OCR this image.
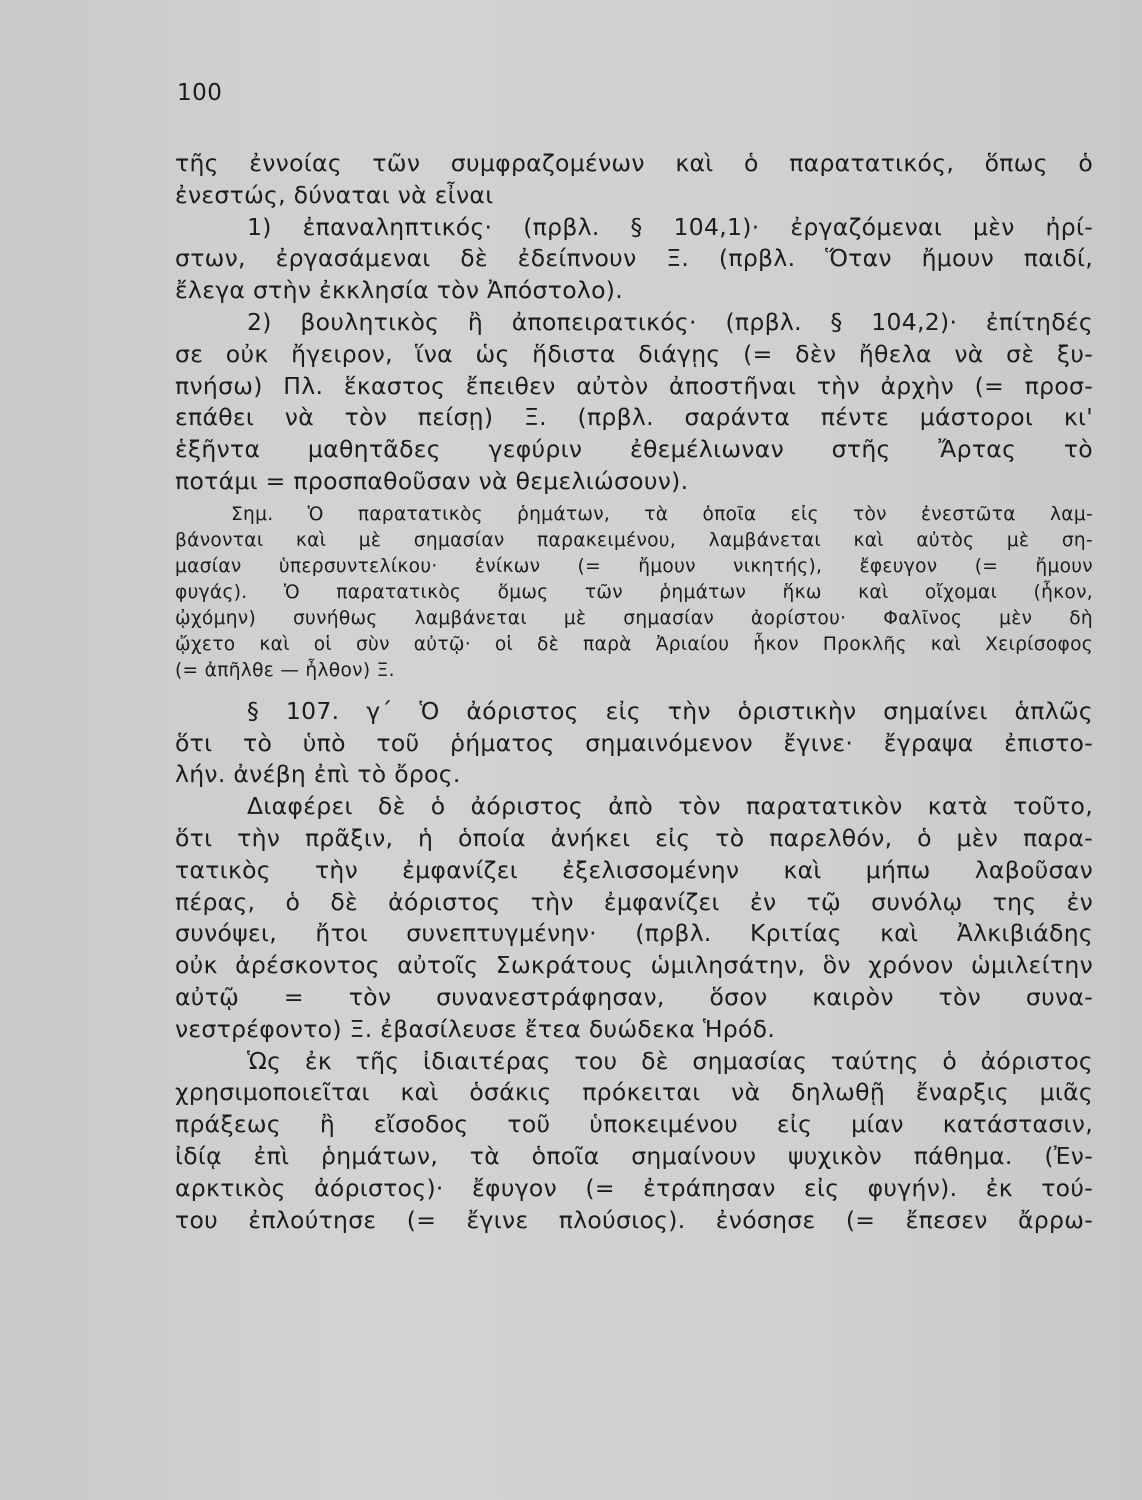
100
τῆς ἐννοίας τῶν συμφραζομένων καὶ ὁ παρατατικός, ὅπως ὁ
ἐνεστώς, δύναται νὰ εἶναι
1) ἐπαναληπτικός· (πρβλ. § 104,1)· ἐργαζόμεναι μὲν ἠρί-
στων, ἐργασάμεναι δὲ ἐδείπνουν Ξ. (πρβλ. Ὅταν ἤμουν παιδί,
ἔλεγα στὴν ἐκκλησία τὸν Ἀπόστολο).
2) βουλητικὸς ἢ ἀποπειρατικός· (πρβλ. § 104,2)· ἐπίτηδές
σε οὐκ ἤγειρον, ἵνα ὡς ἥδιστα διάγῃς (= δὲν ἤθελα νὰ σὲ ξυ-
πνήσω) Πλ. ἕκαστος ἔπειθεν αὐτὸν ἀποστῆναι τὴν ἀρχὴν (= προσ-
επάθει νὰ τὸν πείσῃ) Ξ. (πρβλ. σαράντα πέντε μάστοροι κι'
ἑξῆντα μαθητᾶδες γεφύριν ἐθεμέλιωναν στῆς Ἄρτας τὸ
ποτάμι = προσπαθοῦσαν νὰ θεμελιώσουν).
Σημ. Ὁ παρατατικὸς ῥημάτων, τὰ ὁποῖα εἰς τὸν ἐνεστῶτα λαμ-
βάνονται καὶ μὲ σημασίαν παρακειμένου, λαμβάνεται καὶ αὐτὸς μὲ ση-
μασίαν ὑπερσυντελίκου· ἐνίκων (= ἤμουν νικητής), ἔφευγον (= ἤμουν
φυγάς). Ὁ παρατατικὸς ὅμως τῶν ῥημάτων ἥκω καὶ οἴχομαι (ἧκον,
ᾠχόμην) συνήθως λαμβάνεται μὲ σημασίαν ἀορίστου· Φαλῖνος μὲν δὴ
ᾤχετο καὶ οἱ σὺν αὐτῷ· οἱ δὲ παρὰ Ἀριαίου ἧκον Προκλῆς καὶ Χειρίσοφος
(= ἀπῆλθε — ἦλθον) Ξ.
§ 107. γ΄ Ὁ ἀόριστος εἰς τὴν ὁριστικὴν σημαίνει ἁπλῶς
ὅτι τὸ ὑπὸ τοῦ ῥήματος σημαινόμενον ἔγινε· ἔγραψα ἐπιστο-
λήν. ἀνέβη ἐπὶ τὸ ὄρος.
Διαφέρει δὲ ὁ ἀόριστος ἀπὸ τὸν παρατατικὸν κατὰ τοῦτο,
ὅτι τὴν πρᾶξιν, ἡ ὁποία ἀνήκει εἰς τὸ παρελθόν, ὁ μὲν παρα-
τατικὸς τὴν ἐμφανίζει ἐξελισσομένην καὶ μήπω λαβοῦσαν
πέρας, ὁ δὲ ἀόριστος τὴν ἐμφανίζει ἐν τῷ συνόλῳ της ἐν
συνόψει, ἤτοι συνεπτυγμένην· (πρβλ. Κριτίας καὶ Ἀλκιβιάδης
οὐκ ἀρέσκοντος αὐτοῖς Σωκράτους ὡμιλησάτην, ὃν χρόνον ὡμιλείτην
αὐτῷ = τὸν συνανεστράφησαν, ὅσον καιρὸν τὸν συνα-
νεστρέφοντο) Ξ. ἐβασίλευσε ἔτεα δυώδεκα Ἡρόδ.
Ὡς ἐκ τῆς ἰδιαιτέρας του δὲ σημασίας ταύτης ὁ ἀόριστος
χρησιμοποιεῖται καὶ ὁσάκις πρόκειται νὰ δηλωθῇ ἔναρξις μιᾶς
πράξεως ἢ εἴσοδος τοῦ ὑποκειμένου εἰς μίαν κατάστασιν,
ἰδίᾳ ἐπὶ ῥημάτων, τὰ ὁποῖα σημαίνουν ψυχικὸν πάθημα. (Ἐν-
αρκτικὸς ἀόριστος)· ἔφυγον (= ἐτράπησαν εἰς φυγήν). ἐκ τού-
του ἐπλούτησε (= ἔγινε πλούσιος). ἐνόσησε (= ἔπεσεν ἄρρω-
